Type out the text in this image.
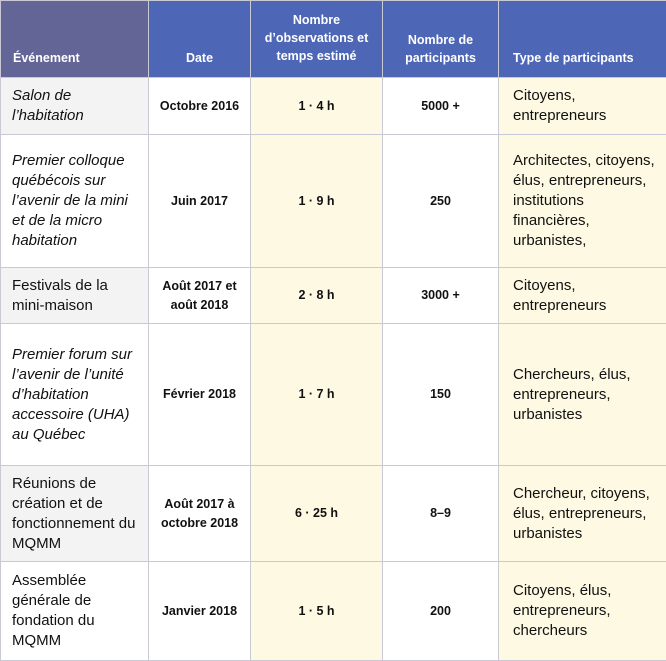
Événement	Date	Nombre d’observations et temps estimé	Nombre de participants	Type de participants
Salon de l’habitation	Octobre 2016	1 · 4 h	5000 +	Citoyens, entrepreneurs
Premier colloque québécois sur l’avenir de la mini et de la micro habitation	Juin 2017	1 · 9 h	250	Architectes, citoyens, élus, entrepreneurs, institutions financières, urbanistes,
Festivals de la mini-maison	Août 2017 et août 2018	2 · 8 h	3000 +	Citoyens, entrepreneurs
Premier forum sur l’avenir de l’unité d’habitation accessoire (UHA) au Québec	Février 2018	1 · 7 h	150	Chercheurs, élus, entrepreneurs, urbanistes
Réunions de création et de fonctionnement du MQMM	Août 2017 à octobre 2018	6 · 25 h	8–9	Chercheur, citoyens, élus, entrepreneurs, urbanistes
Assemblée générale de fondation du MQMM	Janvier 2018	1 · 5 h	200	Citoyens, élus, entrepreneurs, chercheurs
